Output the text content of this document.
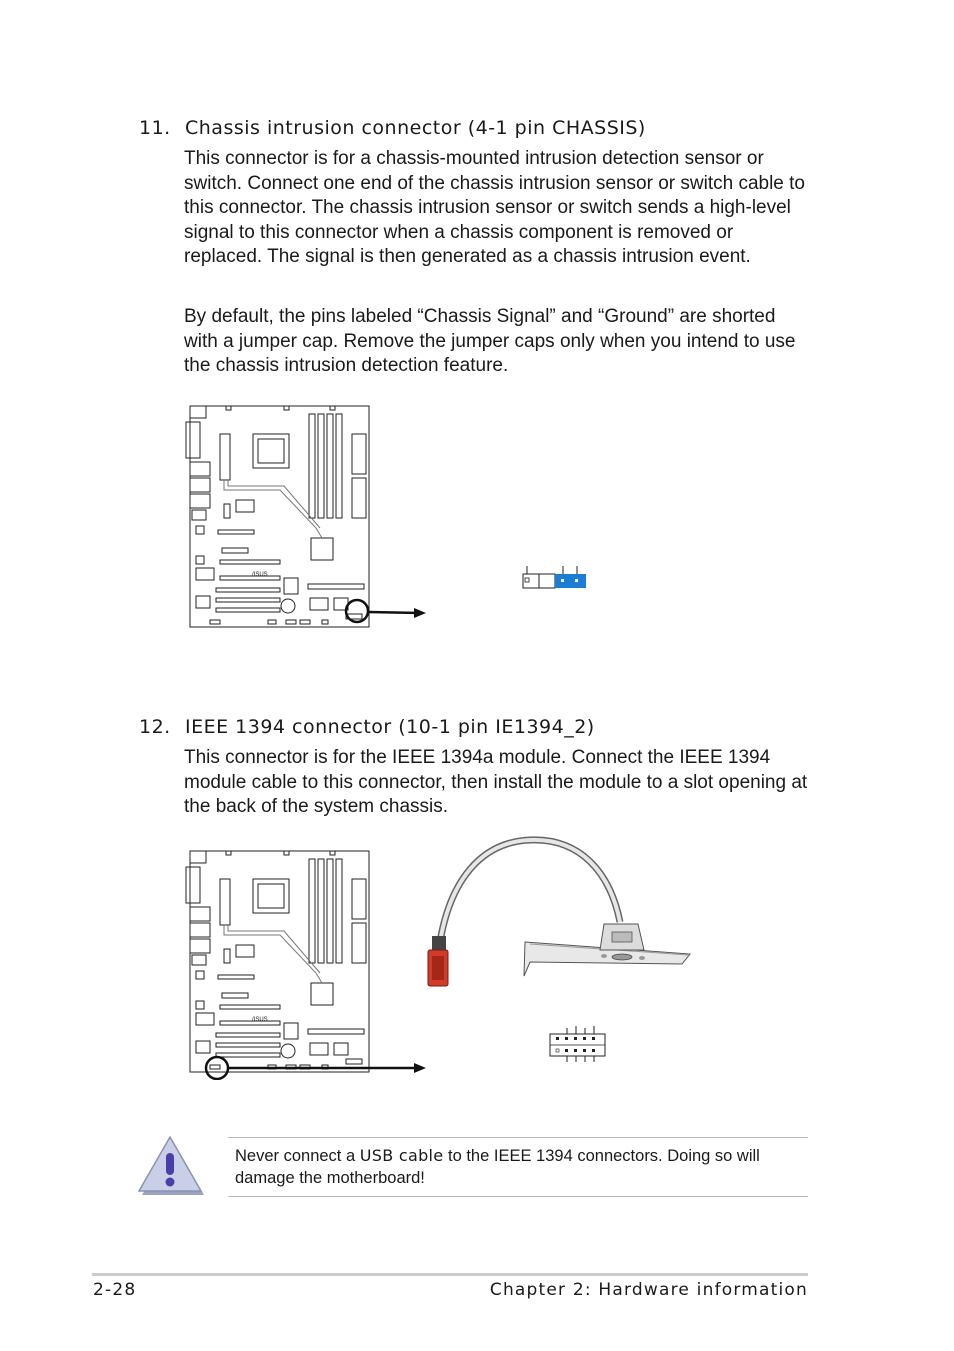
11. Chassis intrusion connector (4-1 pin CHASSIS)

This connector is for a chassis-mounted intrusion detection sensor or switch. Connect one end of the chassis intrusion sensor or switch cable to this connector. The chassis intrusion sensor or switch sends a high-level signal to this connector when a chassis component is removed or replaced. The signal is then generated as a chassis intrusion event.

By default, the pins labeled “Chassis Signal” and “Ground” are shorted with a jumper cap. Remove the jumper caps only when you intend to use the chassis intrusion detection feature.

/ISUS
12. IEEE 1394 connector (10-1 pin IE1394_2)

This connector is for the IEEE 1394a module. Connect the IEEE 1394 module cable to this connector, then install the module to a slot opening at the back of the system chassis.

/ISUS
Never connect a USB cable to the IEEE 1394 connectors. Doing so will damage the motherboard!
2-28	Chapter 2: Hardware information
